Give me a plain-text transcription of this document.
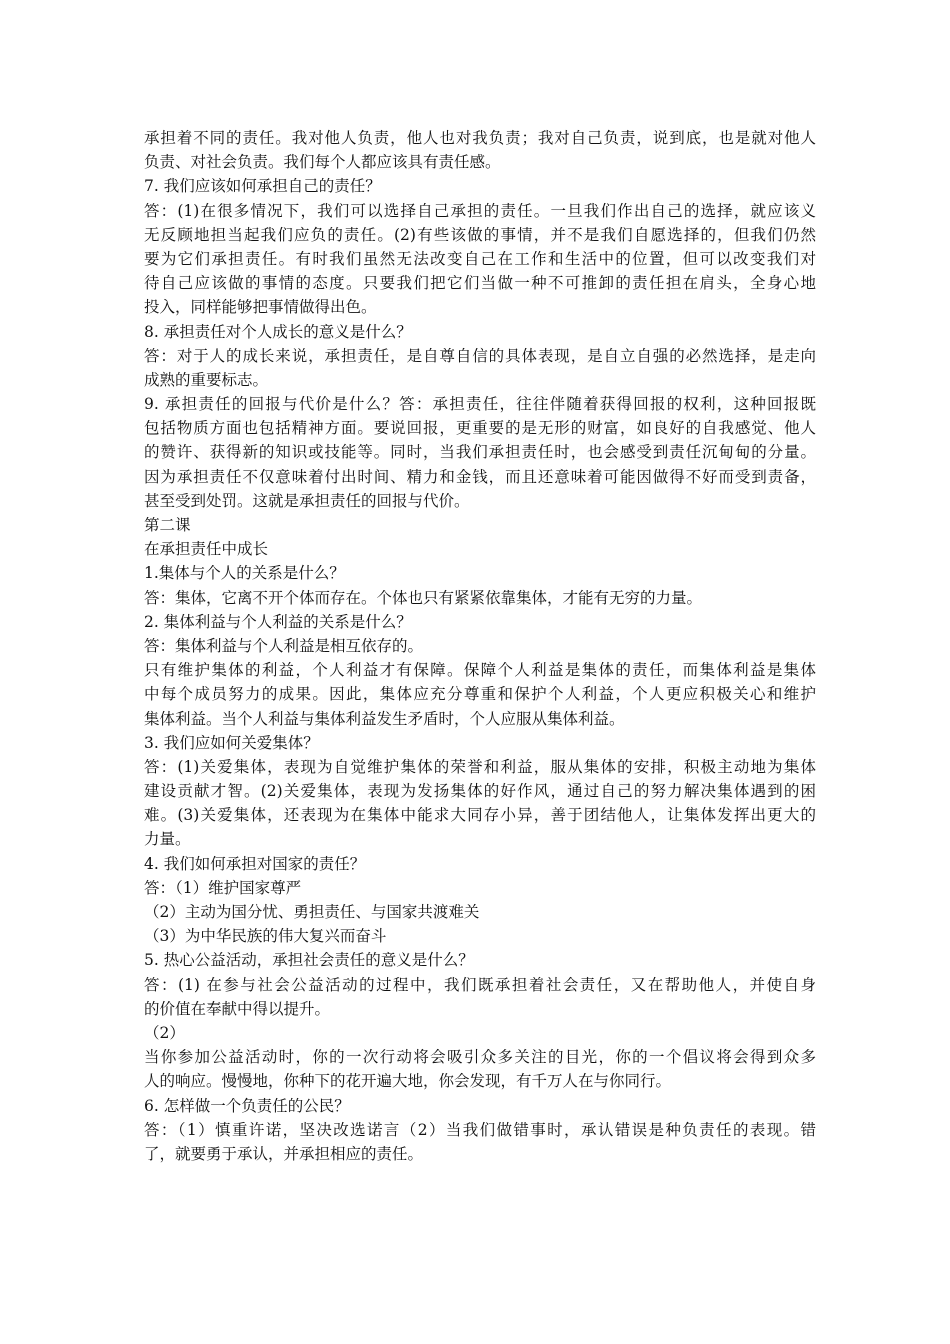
承担着不同的责任。我对他人负责，他人也对我负责；我对自己负责，说到底，也是就对他人
负责、对社会负责。我们每个人都应该具有责任感。
7. 我们应该如何承担自己的责任？
答：(1)在很多情况下，我们可以选择自己承担的责任。一旦我们作出自己的选择，就应该义
无反顾地担当起我们应负的责任。(2)有些该做的事情，并不是我们自愿选择的，但我们仍然
要为它们承担责任。有时我们虽然无法改变自己在工作和生活中的位置，但可以改变我们对
待自己应该做的事情的态度。只要我们把它们当做一种不可推卸的责任担在肩头，全身心地
投入，同样能够把事情做得出色。
8. 承担责任对个人成长的意义是什么？
答：对于人的成长来说，承担责任，是自尊自信的具体表现，是自立自强的必然选择，是走向
成熟的重要标志。
9. 承担责任的回报与代价是什么？答：承担责任，往往伴随着获得回报的权利，这种回报既
包括物质方面也包括精神方面。要说回报，更重要的是无形的财富，如良好的自我感觉、他人
的赞许、获得新的知识或技能等。同时，当我们承担责任时，也会感受到责任沉甸甸的分量。
因为承担责任不仅意味着付出时间、精力和金钱，而且还意味着可能因做得不好而受到责备，
甚至受到处罚。这就是承担责任的回报与代价。
第二课
在承担责任中成长
1.集体与个人的关系是什么？
答：集体，它离不开个体而存在。个体也只有紧紧依靠集体，才能有无穷的力量。
2. 集体利益与个人利益的关系是什么？
答：集体利益与个人利益是相互依存的。
只有维护集体的利益，个人利益才有保障。保障个人利益是集体的责任，而集体利益是集体
中每个成员努力的成果。因此，集体应充分尊重和保护个人利益，个人更应积极关心和维护
集体利益。当个人利益与集体利益发生矛盾时，个人应服从集体利益。
3. 我们应如何关爱集体？
答：(1)关爱集体，表现为自觉维护集体的荣誉和利益，服从集体的安排，积极主动地为集体
建设贡献才智。(2)关爱集体，表现为发扬集体的好作风，通过自己的努力解决集体遇到的困
难。(3)关爱集体，还表现为在集体中能求大同存小异，善于团结他人，让集体发挥出更大的
力量。
4. 我们如何承担对国家的责任？
答：（1）维护国家尊严
（2）主动为国分忧、勇担责任、与国家共渡难关
（3）为中华民族的伟大复兴而奋斗
5. 热心公益活动，承担社会责任的意义是什么？
答：(1) 在参与社会公益活动的过程中，我们既承担着社会责任，又在帮助他人，并使自身
的价值在奉献中得以提升。
（2）
当你参加公益活动时，你的一次行动将会吸引众多关注的目光，你的一个倡议将会得到众多
人的响应。慢慢地，你种下的花开遍大地，你会发现，有千万人在与你同行。
6. 怎样做一个负责任的公民？
答：（1）慎重许诺，坚决改选诺言（2）当我们做错事时，承认错误是种负责任的表现。错
了，就要勇于承认，并承担相应的责任。
